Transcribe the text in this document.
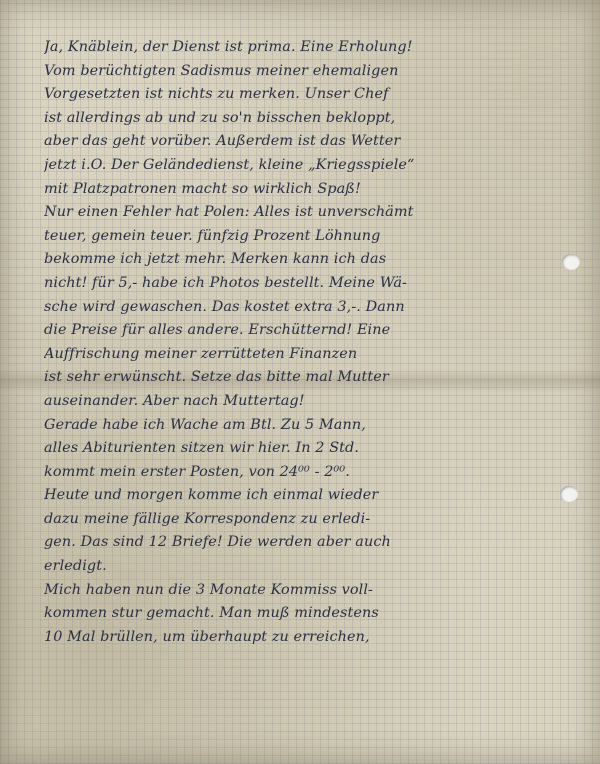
Ja, Knäblein, der Dienst ist prima. Eine Erholung!
Vom berüchtigten Sadismus meiner ehemaligen
Vorgesetzten ist nichts zu merken. Unser Chef
ist allerdings ab und zu so'n bisschen bekloppt,
aber das geht vorüber. Außerdem ist das Wetter
jetzt i.O. Der Geländedienst, kleine „Kriegsspiele“
mit Platzpatronen macht so wirklich Spaß!
Nur einen Fehler hat Polen: Alles ist unverschämt
teuer, gemein teuer. fünfzig Prozent Löhnung
bekomme ich jetzt mehr. Merken kann ich das
nicht! für 5,- habe ich Photos bestellt. Meine Wä-
sche wird gewaschen. Das kostet extra 3,-. Dann
die Preise für alles andere. Erschütternd! Eine
Auffrischung meiner zerrütteten Finanzen
ist sehr erwünscht. Setze das bitte mal Mutter
auseinander. Aber nach Muttertag!
Gerade habe ich Wache am Btl. Zu 5 Mann,
alles Abiturienten sitzen wir hier. In 2 Std.
kommt mein erster Posten, von 24⁰⁰ - 2⁰⁰.
Heute und morgen komme ich einmal wieder
dazu meine fällige Korrespondenz zu erledi-
gen. Das sind 12 Briefe! Die werden aber auch
erledigt.
Mich haben nun die 3 Monate Kommiss voll-
kommen stur gemacht. Man muß mindestens
10 Mal brüllen, um überhaupt zu erreichen,
